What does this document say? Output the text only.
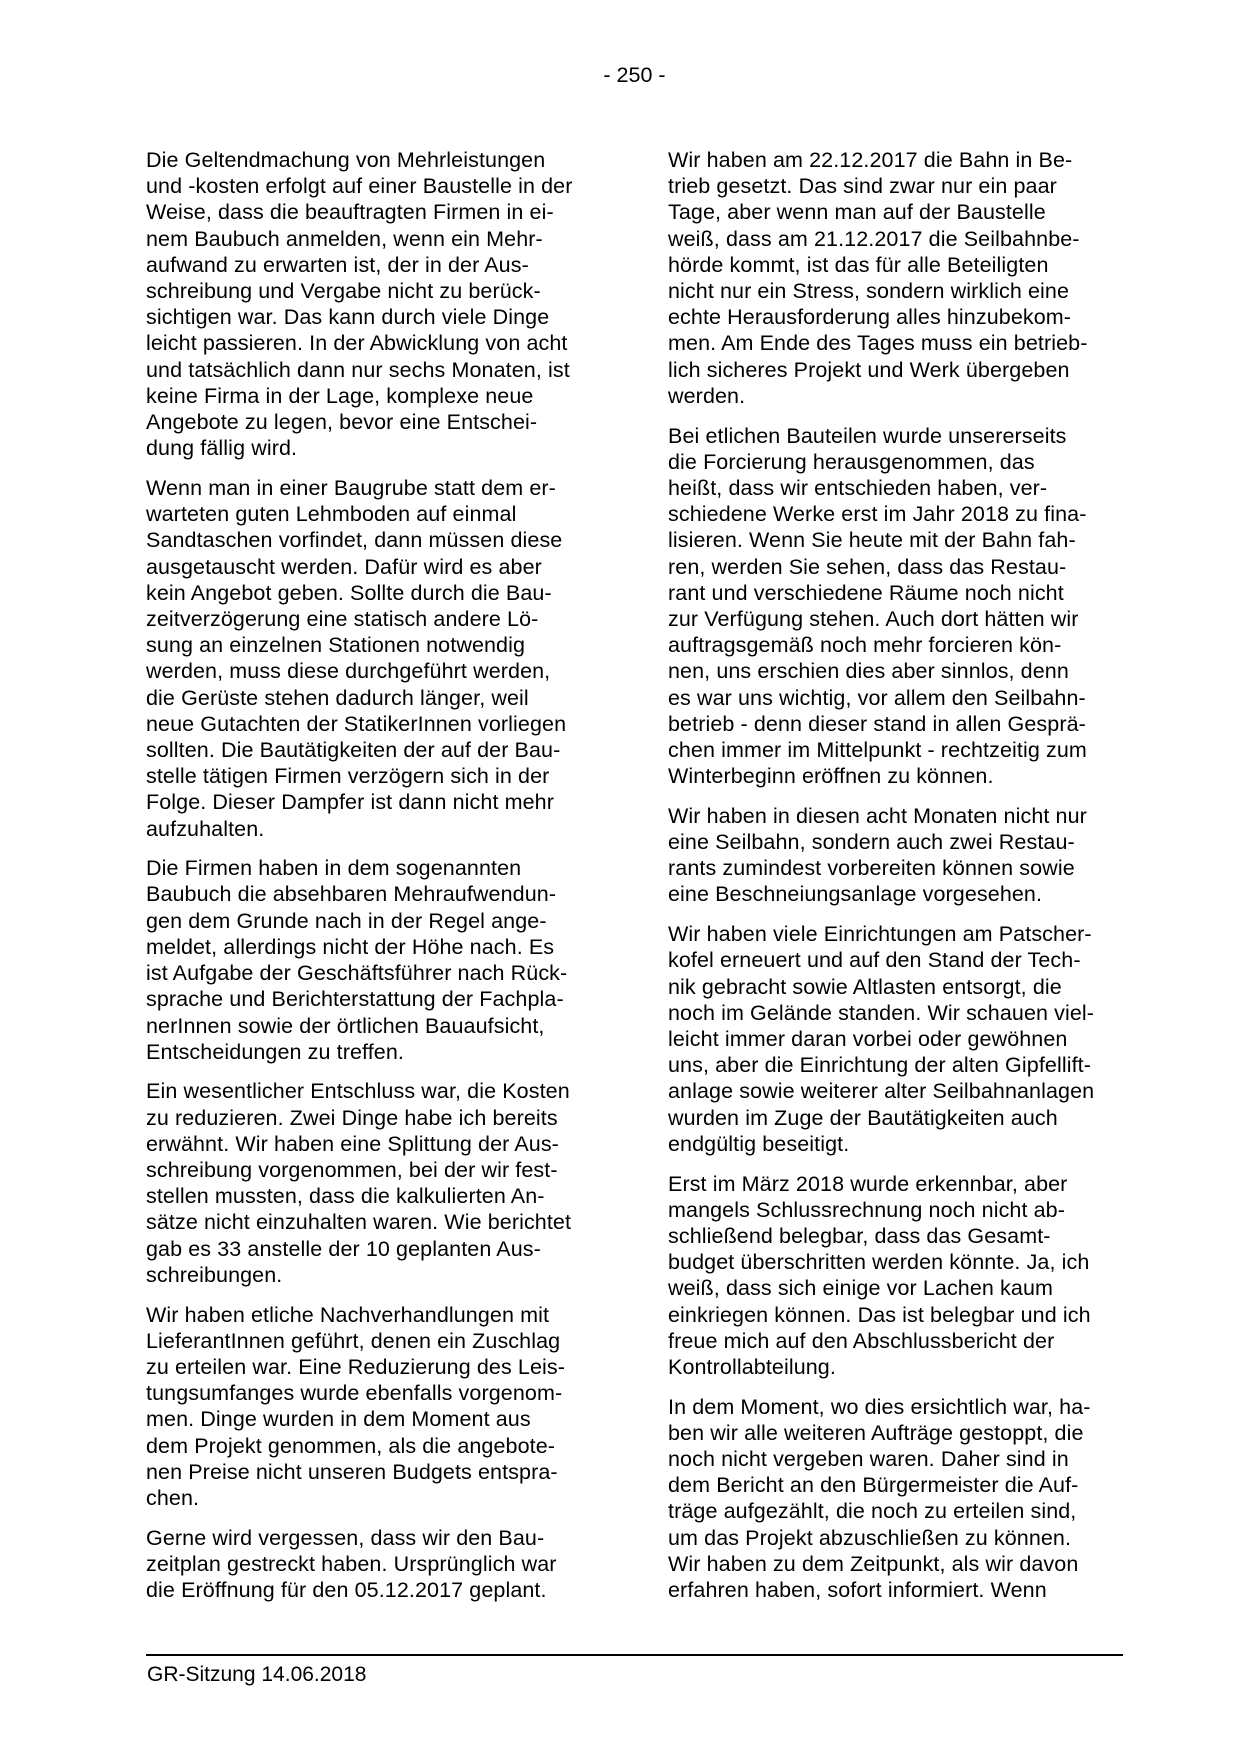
- 250 -
Die Geltendmachung von Mehrleistungen
und -kosten erfolgt auf einer Baustelle in der
Weise, dass die beauftragten Firmen in ei-
nem Baubuch anmelden, wenn ein Mehr-
aufwand zu erwarten ist, der in der Aus-
schreibung und Vergabe nicht zu berück-
sichtigen war. Das kann durch viele Dinge
leicht passieren. In der Abwicklung von acht
und tatsächlich dann nur sechs Monaten, ist
keine Firma in der Lage, komplexe neue
Angebote zu legen, bevor eine Entschei-
dung fällig wird.
Wenn man in einer Baugrube statt dem er-
warteten guten Lehmboden auf einmal
Sandtaschen vorfindet, dann müssen diese
ausgetauscht werden. Dafür wird es aber
kein Angebot geben. Sollte durch die Bau-
zeitverzögerung eine statisch andere Lö-
sung an einzelnen Stationen notwendig
werden, muss diese durchgeführt werden,
die Gerüste stehen dadurch länger, weil
neue Gutachten der StatikerInnen vorliegen
sollten. Die Bautätigkeiten der auf der Bau-
stelle tätigen Firmen verzögern sich in der
Folge. Dieser Dampfer ist dann nicht mehr
aufzuhalten.
Die Firmen haben in dem sogenannten
Baubuch die absehbaren Mehraufwendun-
gen dem Grunde nach in der Regel ange-
meldet, allerdings nicht der Höhe nach. Es
ist Aufgabe der Geschäftsführer nach Rück-
sprache und Berichterstattung der Fachpla-
nerInnen sowie der örtlichen Bauaufsicht,
Entscheidungen zu treffen.
Ein wesentlicher Entschluss war, die Kosten
zu reduzieren. Zwei Dinge habe ich bereits
erwähnt. Wir haben eine Splittung der Aus-
schreibung vorgenommen, bei der wir fest-
stellen mussten, dass die kalkulierten An-
sätze nicht einzuhalten waren. Wie berichtet
gab es 33 anstelle der 10 geplanten Aus-
schreibungen.
Wir haben etliche Nachverhandlungen mit
LieferantInnen geführt, denen ein Zuschlag
zu erteilen war. Eine Reduzierung des Leis-
tungsumfanges wurde ebenfalls vorgenom-
men. Dinge wurden in dem Moment aus
dem Projekt genommen, als die angebote-
nen Preise nicht unseren Budgets entspra-
chen.
Gerne wird vergessen, dass wir den Bau-
zeitplan gestreckt haben. Ursprünglich war
die Eröffnung für den 05.12.2017 geplant.
Wir haben am 22.12.2017 die Bahn in Be-
trieb gesetzt. Das sind zwar nur ein paar
Tage, aber wenn man auf der Baustelle
weiß, dass am 21.12.2017 die Seilbahnbe-
hörde kommt, ist das für alle Beteiligten
nicht nur ein Stress, sondern wirklich eine
echte Herausforderung alles hinzubekom-
men. Am Ende des Tages muss ein betrieb-
lich sicheres Projekt und Werk übergeben
werden.
Bei etlichen Bauteilen wurde unsererseits
die Forcierung herausgenommen, das
heißt, dass wir entschieden haben, ver-
schiedene Werke erst im Jahr 2018 zu fina-
lisieren. Wenn Sie heute mit der Bahn fah-
ren, werden Sie sehen, dass das Restau-
rant und verschiedene Räume noch nicht
zur Verfügung stehen. Auch dort hätten wir
auftragsgemäß noch mehr forcieren kön-
nen, uns erschien dies aber sinnlos, denn
es war uns wichtig, vor allem den Seilbahn-
betrieb - denn dieser stand in allen Gesprä-
chen immer im Mittelpunkt - rechtzeitig zum
Winterbeginn eröffnen zu können.
Wir haben in diesen acht Monaten nicht nur
eine Seilbahn, sondern auch zwei Restau-
rants zumindest vorbereiten können sowie
eine Beschneiungsanlage vorgesehen.
Wir haben viele Einrichtungen am Patscher-
kofel erneuert und auf den Stand der Tech-
nik gebracht sowie Altlasten entsorgt, die
noch im Gelände standen. Wir schauen viel-
leicht immer daran vorbei oder gewöhnen
uns, aber die Einrichtung der alten Gipfellift-
anlage sowie weiterer alter Seilbahnanlagen
wurden im Zuge der Bautätigkeiten auch
endgültig beseitigt.
Erst im März 2018 wurde erkennbar, aber
mangels Schlussrechnung noch nicht ab-
schließend belegbar, dass das Gesamt-
budget überschritten werden könnte. Ja, ich
weiß, dass sich einige vor Lachen kaum
einkriegen können. Das ist belegbar und ich
freue mich auf den Abschlussbericht der
Kontrollabteilung.
In dem Moment, wo dies ersichtlich war, ha-
ben wir alle weiteren Aufträge gestoppt, die
noch nicht vergeben waren. Daher sind in
dem Bericht an den Bürgermeister die Auf-
träge aufgezählt, die noch zu erteilen sind,
um das Projekt abzuschließen zu können.
Wir haben zu dem Zeitpunkt, als wir davon
erfahren haben, sofort informiert. Wenn
GR-Sitzung 14.06.2018
